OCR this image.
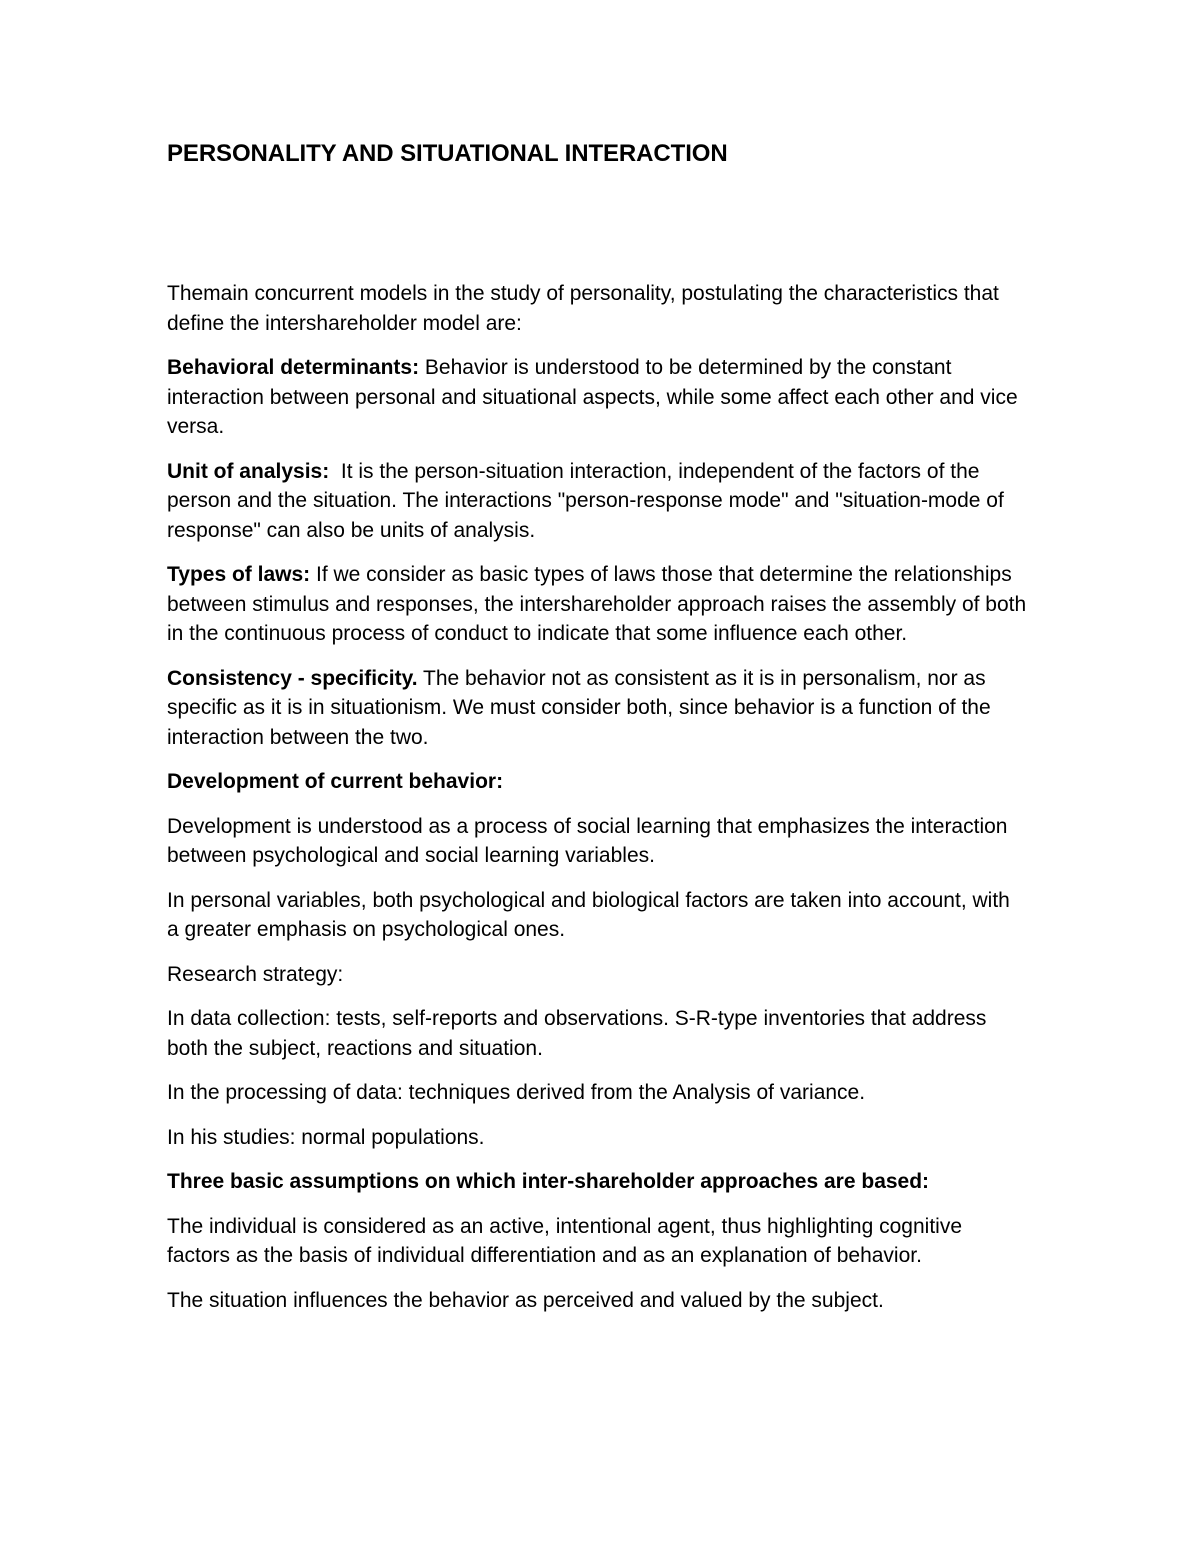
PERSONALITY AND SITUATIONAL INTERACTION

Themain concurrent models in the study of personality, postulating the characteristics that define the intershareholder model are:

Behavioral determinants: Behavior is understood to be determined by the constant interaction between personal and situational aspects, while some affect each other and vice versa.

Unit of analysis:  It is the person-situation interaction, independent of the factors of the person and the situation. The interactions "person-response mode" and "situation-mode of response" can also be units of analysis.

Types of laws: If we consider as basic types of laws those that determine the relationships between stimulus and responses, the intershareholder approach raises the assembly of both in the continuous process of conduct to indicate that some influence each other.

Consistency - specificity. The behavior not as consistent as it is in personalism, nor as specific as it is in situationism. We must consider both, since behavior is a function of the interaction between the two.

Development of current behavior:

Development is understood as a process of social learning that emphasizes the interaction between psychological and social learning variables.

In personal variables, both psychological and biological factors are taken into account, with a greater emphasis on psychological ones.

Research strategy:

In data collection: tests, self-reports and observations. S-R-type inventories that address both the subject, reactions and situation.

In the processing of data: techniques derived from the Analysis of variance.

In his studies: normal populations.

Three basic assumptions on which inter-shareholder approaches are based:

The individual is considered as an active, intentional agent, thus highlighting cognitive factors as the basis of individual differentiation and as an explanation of behavior.

The situation influences the behavior as perceived and valued by the subject.
